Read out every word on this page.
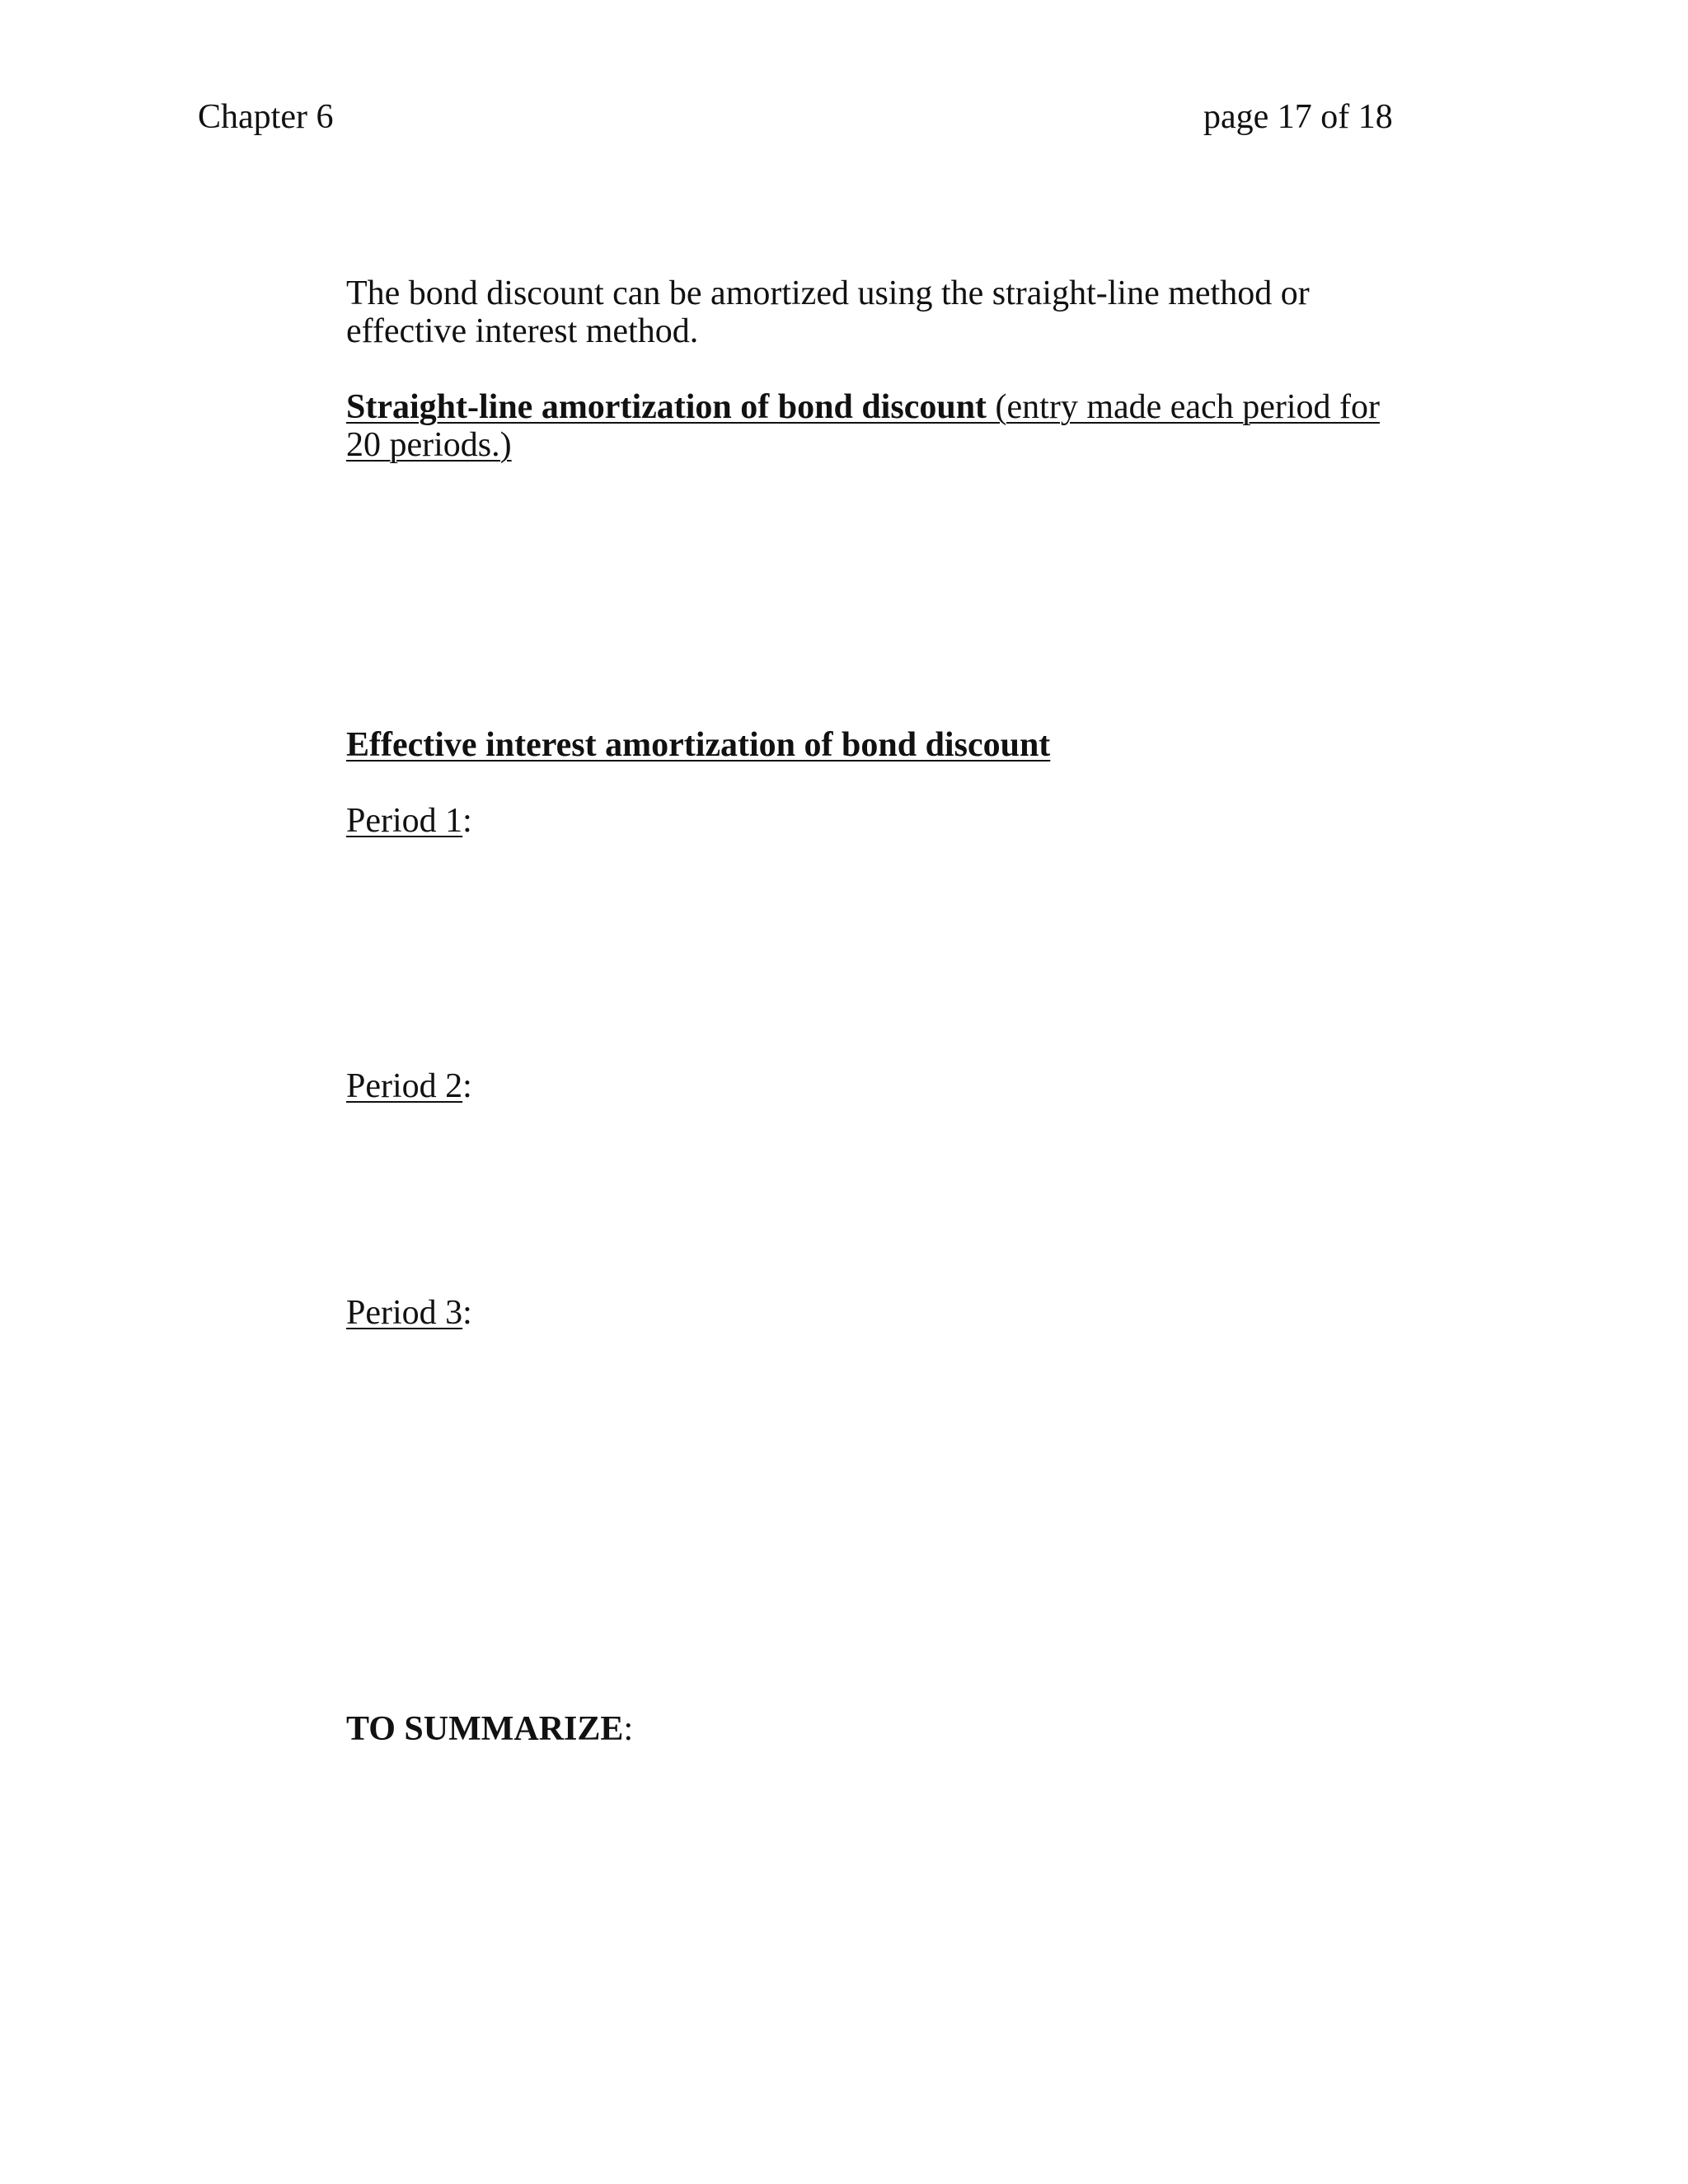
Chapter 6	page 17 of 18
The bond discount can be amortized using the straight-line method or effective interest method.
Straight-line amortization of bond discount (entry made each period for 20 periods.)
Effective interest amortization of bond discount
Period 1:
Period 2:
Period 3:
TO SUMMARIZE:
